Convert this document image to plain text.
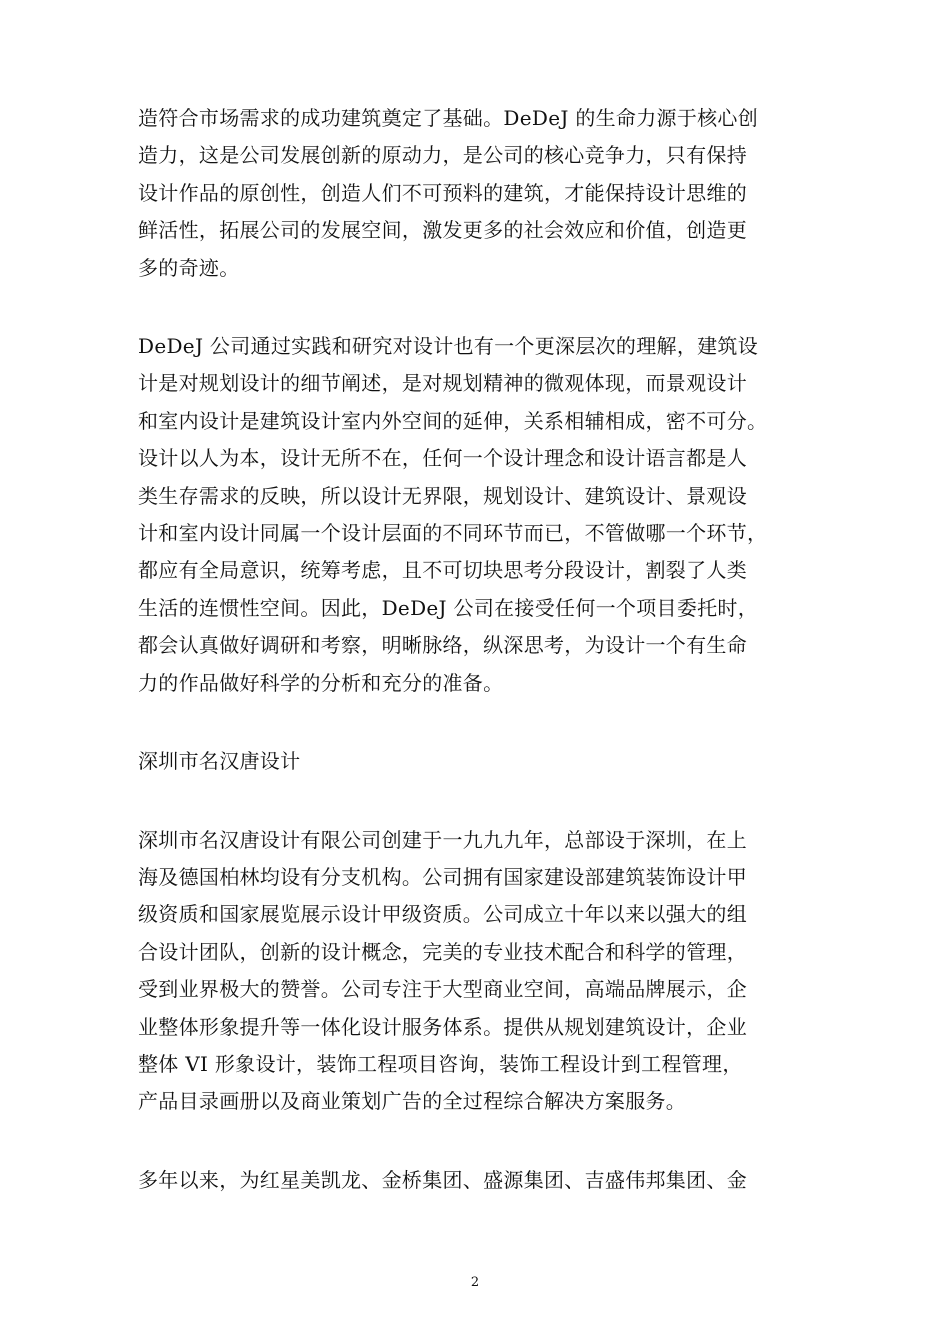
造符合市场需求的成功建筑奠定了基础。DeDeJ 的生命力源于核心创
造力，这是公司发展创新的原动力，是公司的核心竞争力，只有保持
设计作品的原创性，创造人们不可预料的建筑，才能保持设计思维的
鲜活性，拓展公司的发展空间，激发更多的社会效应和价值，创造更
多的奇迹。

DeDeJ 公司通过实践和研究对设计也有一个更深层次的理解，建筑设
计是对规划设计的细节阐述，是对规划精神的微观体现，而景观设计
和室内设计是建筑设计室内外空间的延伸，关系相辅相成，密不可分。
设计以人为本，设计无所不在，任何一个设计理念和设计语言都是人
类生存需求的反映，所以设计无界限，规划设计、建筑设计、景观设
计和室内设计同属一个设计层面的不同环节而已，不管做哪一个环节，
都应有全局意识，统筹考虑，且不可切块思考分段设计，割裂了人类
生活的连惯性空间。因此，DeDeJ 公司在接受任何一个项目委托时，
都会认真做好调研和考察，明晰脉络，纵深思考，为设计一个有生命
力的作品做好科学的分析和充分的准备。

深圳市名汉唐设计

深圳市名汉唐设计有限公司创建于一九九九年，总部设于深圳，在上
海及德国柏林均设有分支机构。公司拥有国家建设部建筑装饰设计甲
级资质和国家展览展示设计甲级资质。公司成立十年以来以强大的组
合设计团队，创新的设计概念，完美的专业技术配合和科学的管理，
受到业界极大的赞誉。公司专注于大型商业空间，高端品牌展示，企
业整体形象提升等一体化设计服务体系。提供从规划建筑设计，企业
整体 VI 形象设计，装饰工程项目咨询，装饰工程设计到工程管理，
产品目录画册以及商业策划广告的全过程综合解决方案服务。

多年以来，为红星美凯龙、金桥集团、盛源集团、吉盛伟邦集团、金

2
